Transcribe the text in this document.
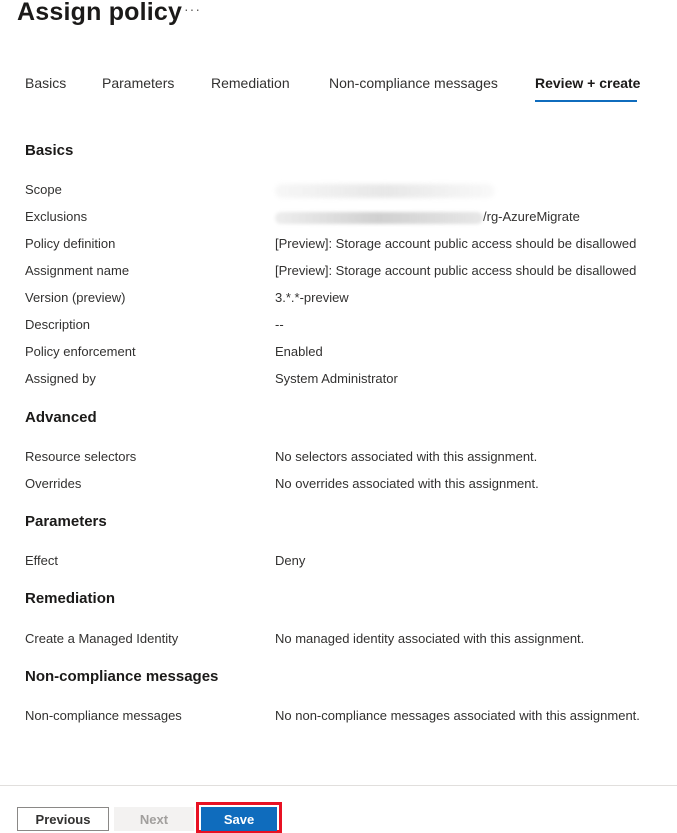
Assign policy ···
Basics	Parameters	Remediation	Non-compliance messages	Review + create
Basics
Scope
Exclusions	/rg-AzureMigrate
Policy definition	[Preview]: Storage account public access should be disallowed
Assignment name	[Preview]: Storage account public access should be disallowed
Version (preview)	3.*.*-preview
Description	--
Policy enforcement	Enabled
Assigned by	System Administrator
Advanced
Resource selectors	No selectors associated with this assignment.
Overrides	No overrides associated with this assignment.
Parameters
Effect	Deny
Remediation
Create a Managed Identity	No managed identity associated with this assignment.
Non-compliance messages
Non-compliance messages	No non-compliance messages associated with this assignment.
Previous	Next	Save
